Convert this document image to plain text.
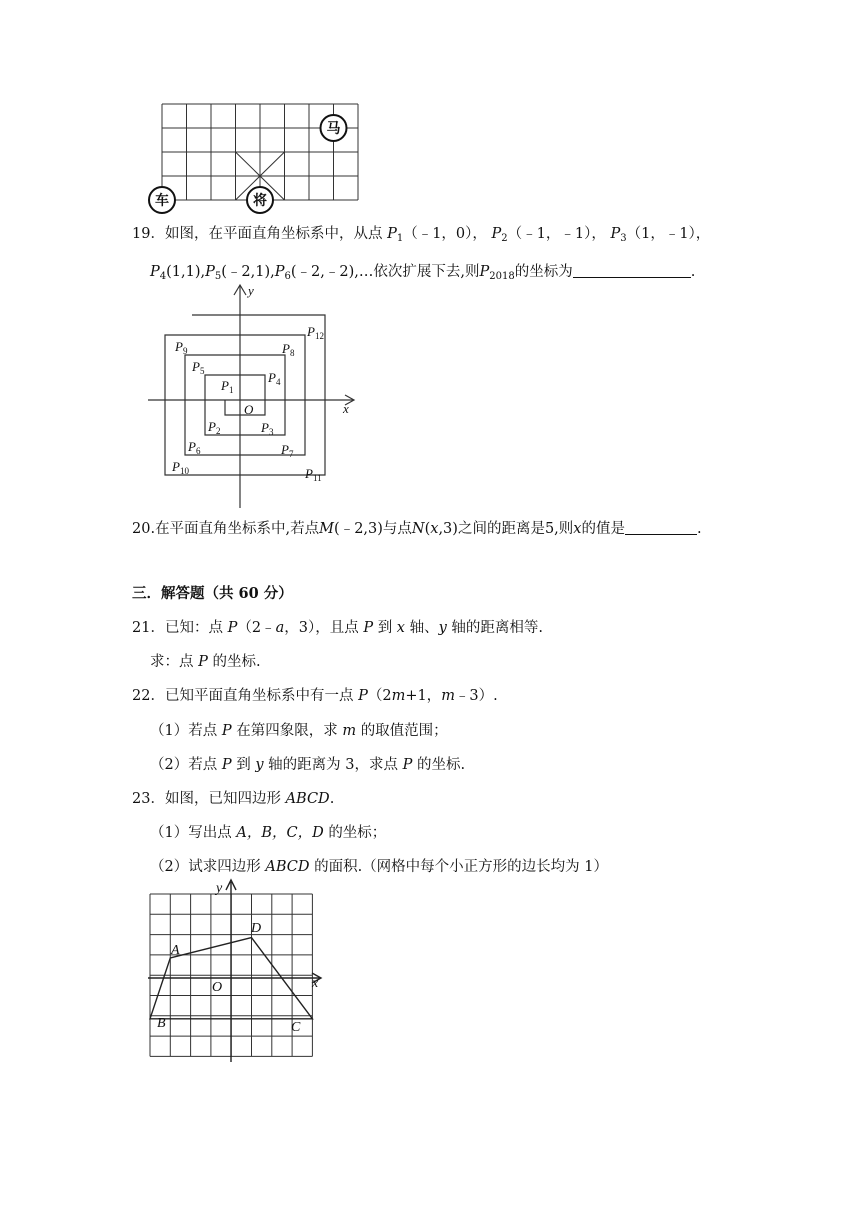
马
车	将
19．如图，在平面直角坐标系中，从点 $P_1(﹣1$，0）， $P_2(﹣1$，﹣1）， $P_3(1$，﹣1），
$P_4(1,1),P_5(﹣2,1),P_6(﹣2,﹣2),\dots$依次扩展下去,则$P_{2018}$的坐标为	.
y
x
O
$P_1$
$P_2$	$P_3$
$P_4$
$P_5$
$P_6$	$P_7$
$P_8$
$P_9$
$P_{10}$	$P_{11}$
$P_{12}$
20.在平面直角坐标系中,若点M(﹣2,3)与点N(x,3)之间的距离是5,则x的值是	.
三．解答题（共 60 分）
21．已知：点 P（2﹣a，3），且点 P 到 x 轴、y 轴的距离相等.
求：点 P 的坐标.
22．已知平面直角坐标系中有一点 P（2m+1，m﹣3）.
（1）若点 P 在第四象限，求 m 的取值范围；
（2）若点 P 到 y 轴的距离为 3，求点 P 的坐标.
23．如图，已知四边形 ABCD.
（1）写出点 A，B，C，D 的坐标；
（2）试求四边形 ABCD 的面积.（网格中每个小正方形的边长均为 1）
y
x
O
A
B	C
D
